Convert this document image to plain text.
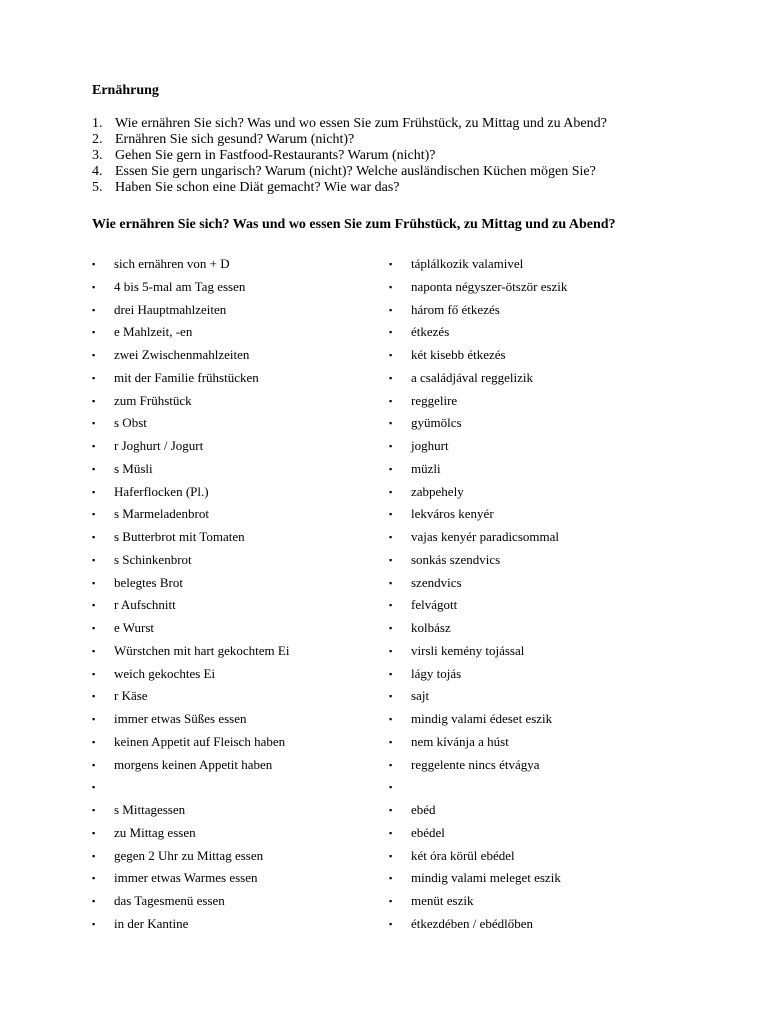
Ernährung
1. Wie ernähren Sie sich? Was und wo essen Sie zum Frühstück, zu Mittag und zu Abend?
2. Ernähren Sie sich gesund? Warum (nicht)?
3. Gehen Sie gern in Fastfood-Restaurants? Warum (nicht)?
4. Essen Sie gern ungarisch? Warum (nicht)? Welche ausländischen Küchen mögen Sie?
5. Haben Sie schon eine Diät gemacht? Wie war das?
Wie ernähren Sie sich? Was und wo essen Sie zum Frühstück, zu Mittag und zu Abend?
▪	sich ernähren von + D	▪	táplálkozik valamivel
▪	4 bis 5-mal am Tag essen	▪	naponta négyszer-ötször eszik
▪	drei Hauptmahlzeiten	▪	három fő étkezés
▪	e Mahlzeit, -en	▪	étkezés
▪	zwei Zwischenmahlzeiten	▪	két kisebb étkezés
▪	mit der Familie frühstücken	▪	a családjával reggelizik
▪	zum Frühstück	▪	reggelire
▪	s Obst	▪	gyümölcs
▪	r Joghurt / Jogurt	▪	joghurt
▪	s Müsli	▪	müzli
▪	Haferflocken (Pl.)	▪	zabpehely
▪	s Marmeladenbrot	▪	lekváros kenyér
▪	s Butterbrot mit Tomaten	▪	vajas kenyér paradicsommal
▪	s Schinkenbrot	▪	sonkás szendvics
▪	belegtes Brot	▪	szendvics
▪	r Aufschnitt	▪	felvágott
▪	e Wurst	▪	kolbász
▪	Würstchen mit hart gekochtem Ei	▪	virsli kemény tojással
▪	weich gekochtes Ei	▪	lágy tojás
▪	r Käse	▪	sajt
▪	immer etwas Süßes essen	▪	mindig valami édeset eszik
▪	keinen Appetit auf Fleisch haben	▪	nem kívánja a húst
▪	morgens keinen Appetit haben	▪	reggelente nincs étvágya
▪	▪
▪	s Mittagessen	▪	ebéd
▪	zu Mittag essen	▪	ebédel
▪	gegen 2 Uhr zu Mittag essen	▪	két óra körül ebédel
▪	immer etwas Warmes essen	▪	mindig valami meleget eszik
▪	das Tagesmenü essen	▪	menüt eszik
▪	in der Kantine	▪	étkezdében / ebédlőben
